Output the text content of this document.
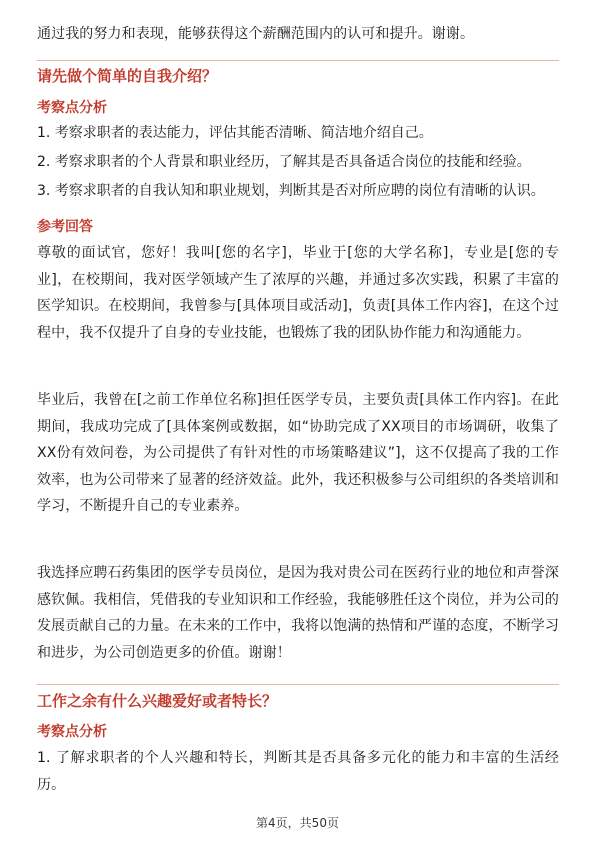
通过我的努力和表现，能够获得这个薪酬范围内的认可和提升。谢谢。

请先做个简单的自我介绍？
考察点分析

1. 考察求职者的表达能力，评估其能否清晰、简洁地介绍自己。

2. 考察求职者的个人背景和职业经历，了解其是否具备适合岗位的技能和经验。

3. 考察求职者的自我认知和职业规划，判断其是否对所应聘的岗位有清晰的认识。

参考回答

尊敬的面试官，您好！我叫[您的名字]，毕业于[您的大学名称]，专业是[您的专业]，在校期间，我对医学领域产生了浓厚的兴趣，并通过多次实践，积累了丰富的医学知识。在校期间，我曾参与[具体项目或活动]，负责[具体工作内容]，在这个过程中，我不仅提升了自身的专业技能，也锻炼了我的团队协作能力和沟通能力。

毕业后，我曾在[之前工作单位名称]担任医学专员，主要负责[具体工作内容]。在此期间，我成功完成了[具体案例或数据，如“协助完成了XX项目的市场调研，收集了XX份有效问卷，为公司提供了有针对性的市场策略建议”]，这不仅提高了我的工作效率，也为公司带来了显著的经济效益。此外，我还积极参与公司组织的各类培训和学习，不断提升自己的专业素养。

我选择应聘石药集团的医学专员岗位，是因为我对贵公司在医药行业的地位和声誉深感钦佩。我相信，凭借我的专业知识和工作经验，我能够胜任这个岗位，并为公司的发展贡献自己的力量。在未来的工作中，我将以饱满的热情和严谨的态度，不断学习和进步，为公司创造更多的价值。谢谢！

工作之余有什么兴趣爱好或者特长？
考察点分析

1. 了解求职者的个人兴趣和特长，判断其是否具备多元化的能力和丰富的生活经历。

第4页，共50页
